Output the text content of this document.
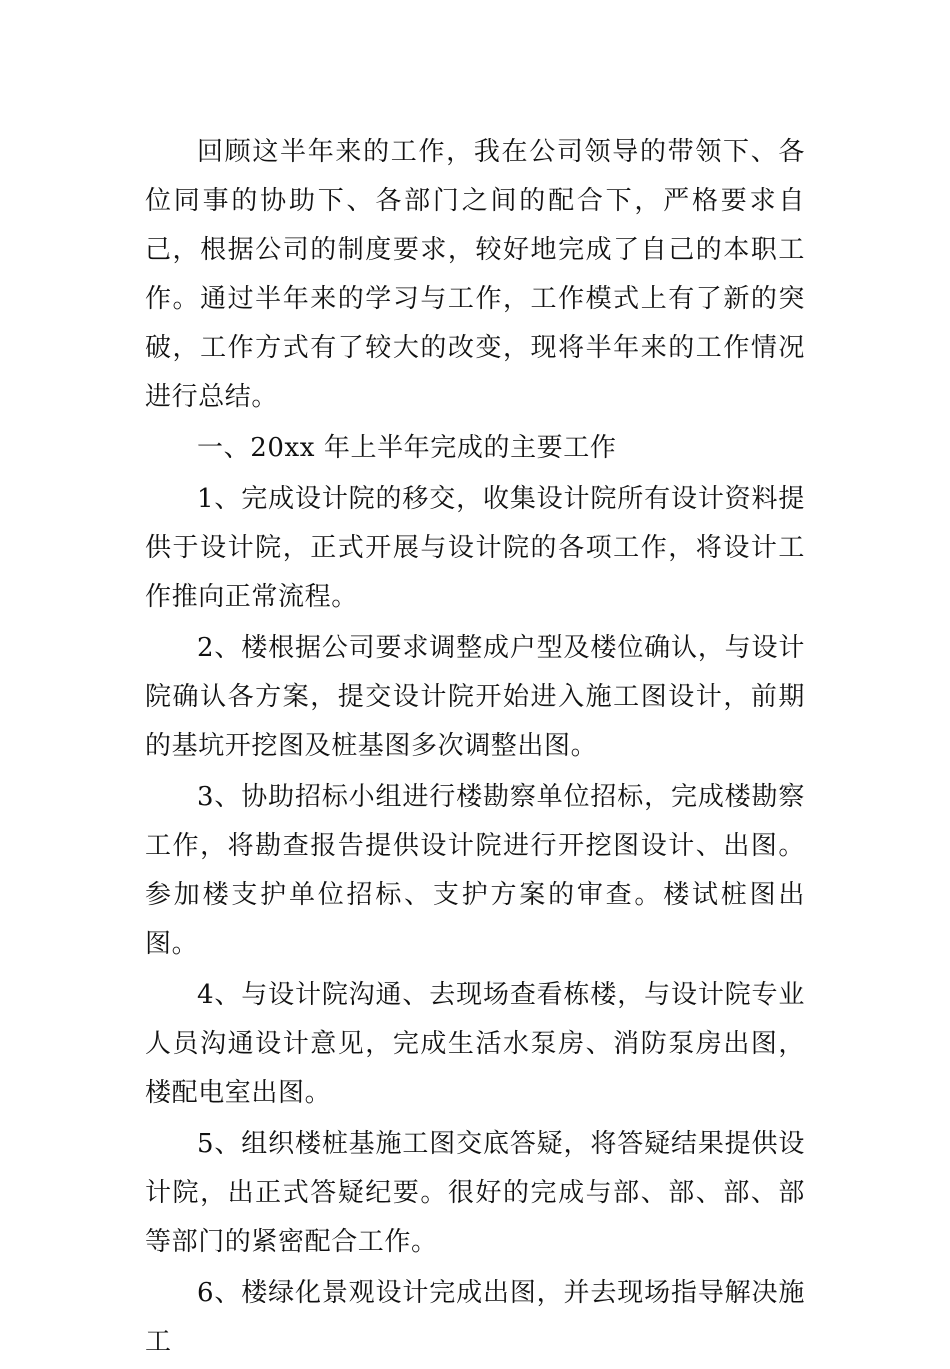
回顾这半年来的工作，我在公司领导的带领下、各位同事的协助下、各部门之间的配合下，严格要求自己，根据公司的制度要求，较好地完成了自己的本职工作。通过半年来的学习与工作，工作模式上有了新的突破，工作方式有了较大的改变，现将半年来的工作情况进行总结。

一、20xx 年上半年完成的主要工作

1、完成设计院的移交，收集设计院所有设计资料提供于设计院，正式开展与设计院的各项工作，将设计工作推向正常流程。

2、楼根据公司要求调整成户型及楼位确认，与设计院确认各方案，提交设计院开始进入施工图设计，前期的基坑开挖图及桩基图多次调整出图。

3、协助招标小组进行楼勘察单位招标，完成楼勘察工作，将勘查报告提供设计院进行开挖图设计、出图。参加楼支护单位招标、支护方案的审查。楼试桩图出图。

4、与设计院沟通、去现场查看栋楼，与设计院专业人员沟通设计意见，完成生活水泵房、消防泵房出图，楼配电室出图。

5、组织楼桩基施工图交底答疑，将答疑结果提供设计院，出正式答疑纪要。很好的完成与部、部、部、部等部门的紧密配合工作。

6、楼绿化景观设计完成出图，并去现场指导解决施工
